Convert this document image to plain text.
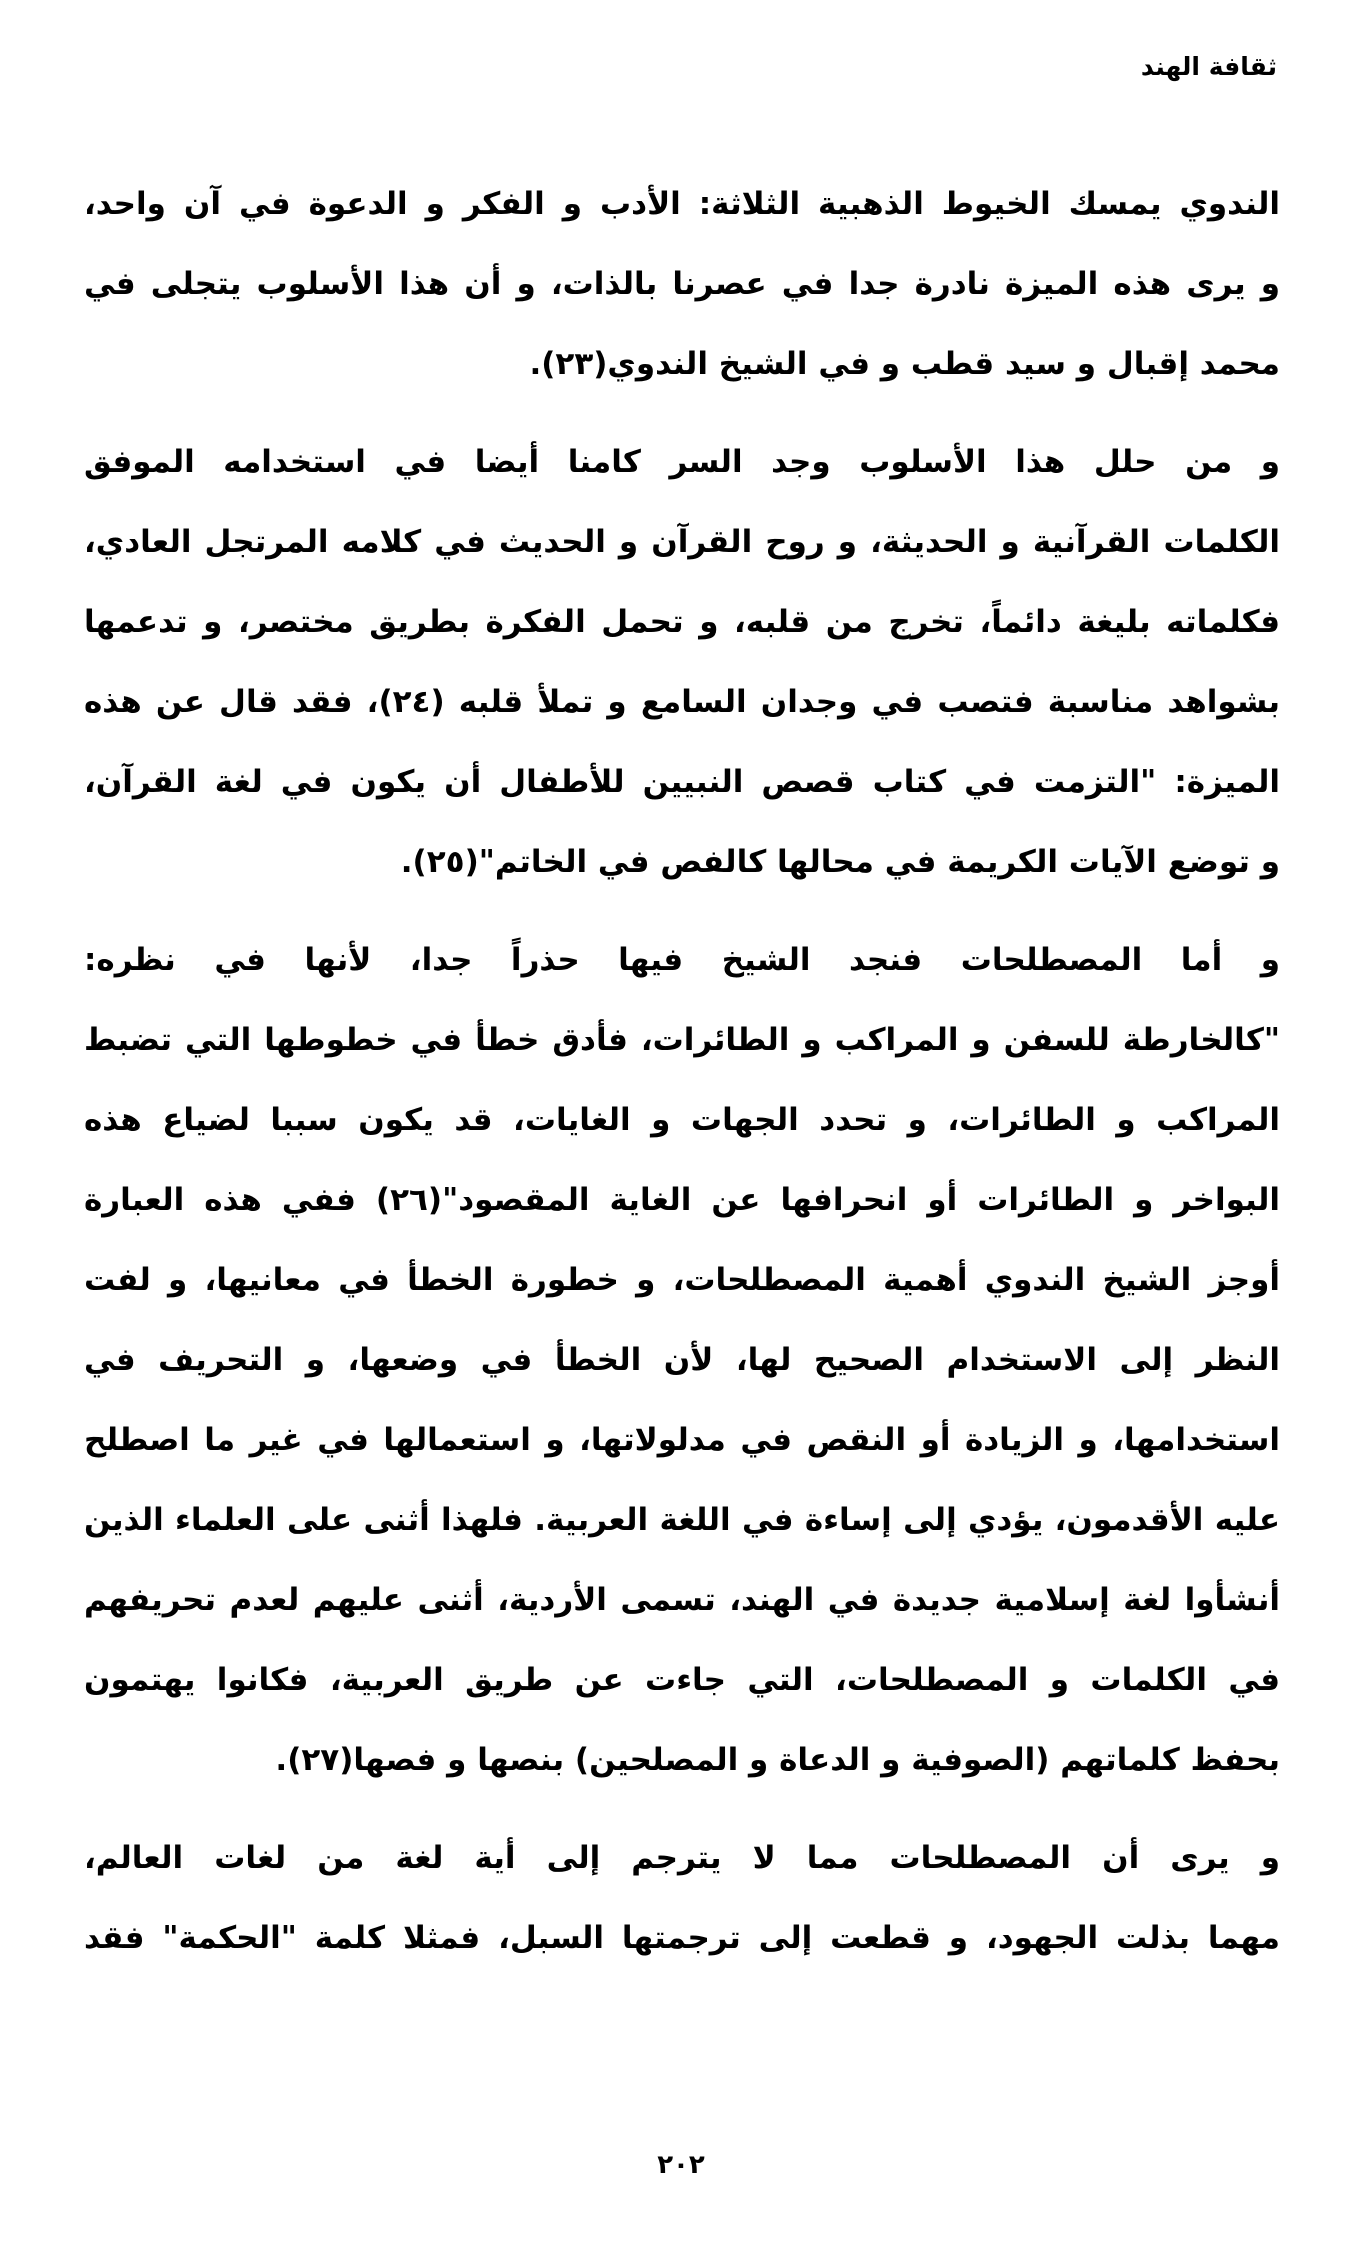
ثقافة الهند
الندوي يمسك الخيوط الذهبية الثلاثة: الأدب و الفكر و الدعوة في آن واحد،
و يرى هذه الميزة نادرة جدا في عصرنا بالذات، و أن هذا الأسلوب يتجلى في
محمد إقبال و سيد قطب و في الشيخ الندوي(٢٣).
و من حلل هذا الأسلوب وجد السر كامنا أيضا في استخدامه الموفق
الكلمات القرآنية و الحديثة، و روح القرآن و الحديث في كلامه المرتجل العادي،
فكلماته بليغة دائماً، تخرج من قلبه، و تحمل الفكرة بطريق مختصر، و تدعمها
بشواهد مناسبة فتصب في وجدان السامع و تملأ قلبه (٢٤)، فقد قال عن هذه
الميزة: "التزمت في كتاب قصص النبيين للأطفال أن يكون في لغة القرآن،
و توضع الآيات الكريمة في محالها كالفص في الخاتم"(٢٥).
و أما المصطلحات فنجد الشيخ فيها حذراً جدا، لأنها في نظره:
"كالخارطة للسفن و المراكب و الطائرات، فأدق خطأ في خطوطها التي تضبط
المراكب و الطائرات، و تحدد الجهات و الغايات، قد يكون سببا لضياع هذه
البواخر و الطائرات أو انحرافها عن الغاية المقصود"(٢٦) ففي هذه العبارة
أوجز الشيخ الندوي أهمية المصطلحات، و خطورة الخطأ في معانيها، و لفت
النظر إلى الاستخدام الصحيح لها، لأن الخطأ في وضعها، و التحريف في
استخدامها، و الزيادة أو النقص في مدلولاتها، و استعمالها في غير ما اصطلح
عليه الأقدمون، يؤدي إلى إساءة في اللغة العربية. فلهذا أثنى على العلماء الذين
أنشأوا لغة إسلامية جديدة في الهند، تسمى الأردية، أثنى عليهم لعدم تحريفهم
في الكلمات و المصطلحات، التي جاءت عن طريق العربية، فكانوا يهتمون
بحفظ كلماتهم (الصوفية و الدعاة و المصلحين) بنصها و فصها(٢٧).
و يرى أن المصطلحات مما لا يترجم إلى أية لغة من لغات العالم،
مهما بذلت الجهود، و قطعت إلى ترجمتها السبل، فمثلا كلمة "الحكمة" فقد
٢٠٢
